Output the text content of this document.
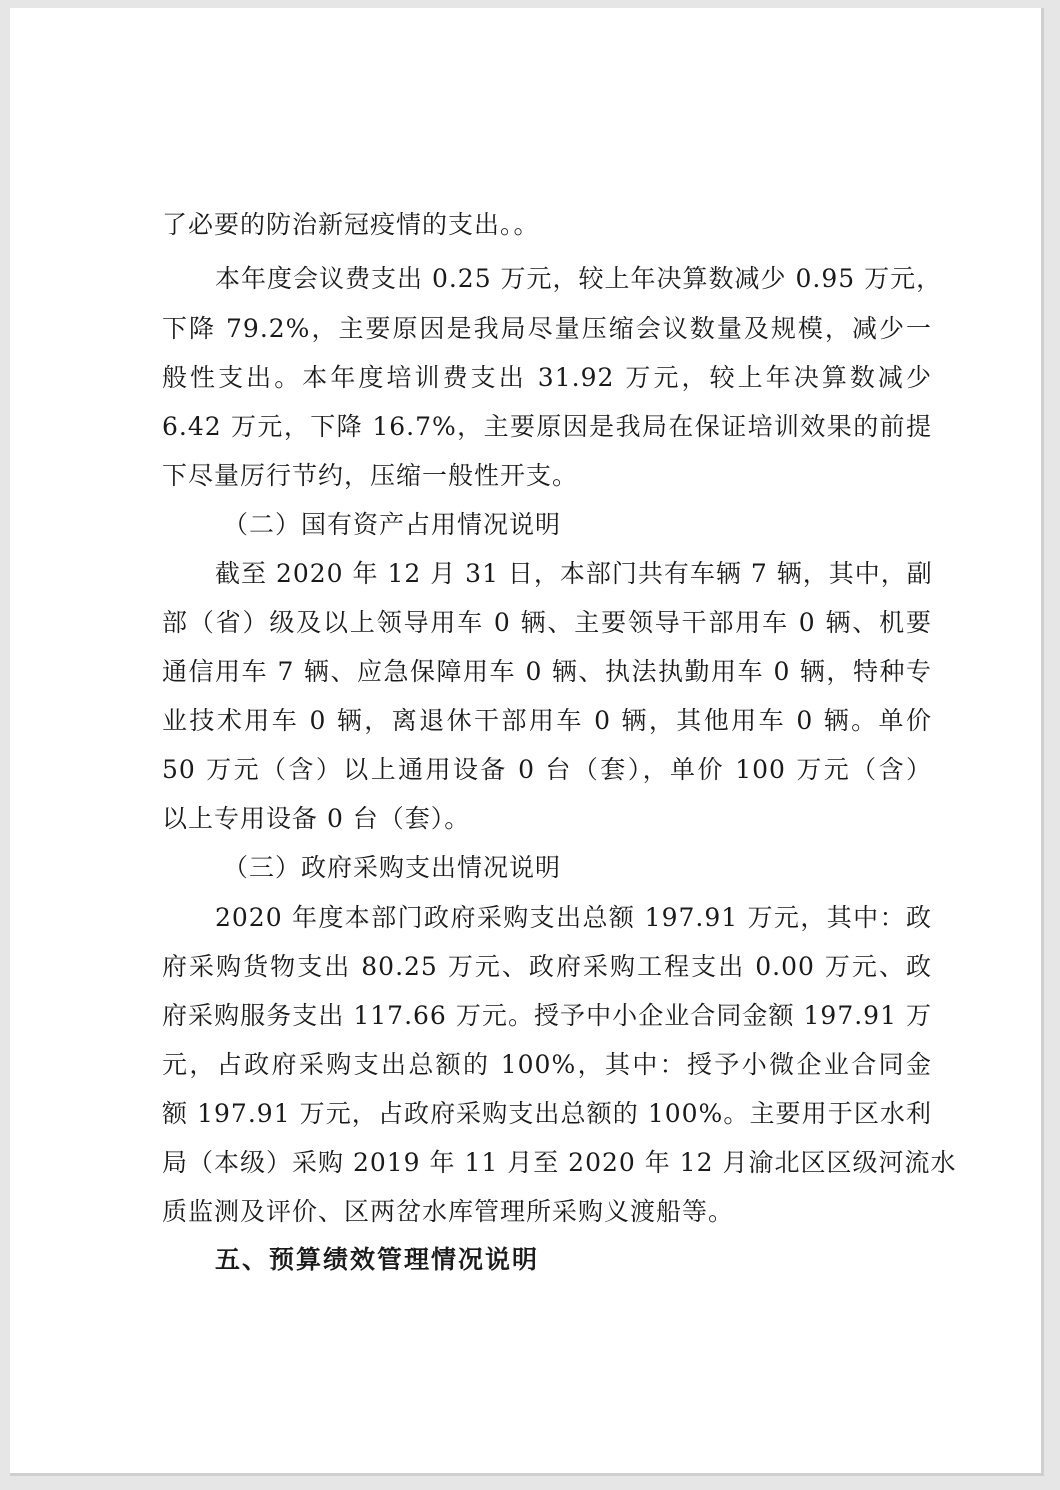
了必要的防治新冠疫情的支出。。
本年度会议费支出 0.25 万元，较上年决算数减少 0.95 万元，
下降 79.2%，主要原因是我局尽量压缩会议数量及规模，减少一
般性支出。本年度培训费支出 31.92 万元，较上年决算数减少
6.42 万元，下降 16.7%，主要原因是我局在保证培训效果的前提
下尽量厉行节约，压缩一般性开支。
（二）国有资产占用情况说明
截至 2020 年 12 月 31 日，本部门共有车辆 7 辆，其中，副
部（省）级及以上领导用车 0 辆、主要领导干部用车 0 辆、机要
通信用车 7 辆、应急保障用车 0 辆、执法执勤用车 0 辆，特种专
业技术用车 0 辆，离退休干部用车 0 辆，其他用车 0 辆。单价
50 万元（含）以上通用设备 0 台（套），单价 100 万元（含）
以上专用设备 0 台（套）。
（三）政府采购支出情况说明
2020 年度本部门政府采购支出总额 197.91 万元，其中：政
府采购货物支出 80.25 万元、政府采购工程支出 0.00 万元、政
府采购服务支出 117.66 万元。授予中小企业合同金额 197.91 万
元，占政府采购支出总额的 100%，其中：授予小微企业合同金
额 197.91 万元，占政府采购支出总额的 100%。主要用于区水利
局（本级）采购 2019 年 11 月至 2020 年 12 月渝北区区级河流水
质监测及评价、区两岔水库管理所采购义渡船等。
五、预算绩效管理情况说明
